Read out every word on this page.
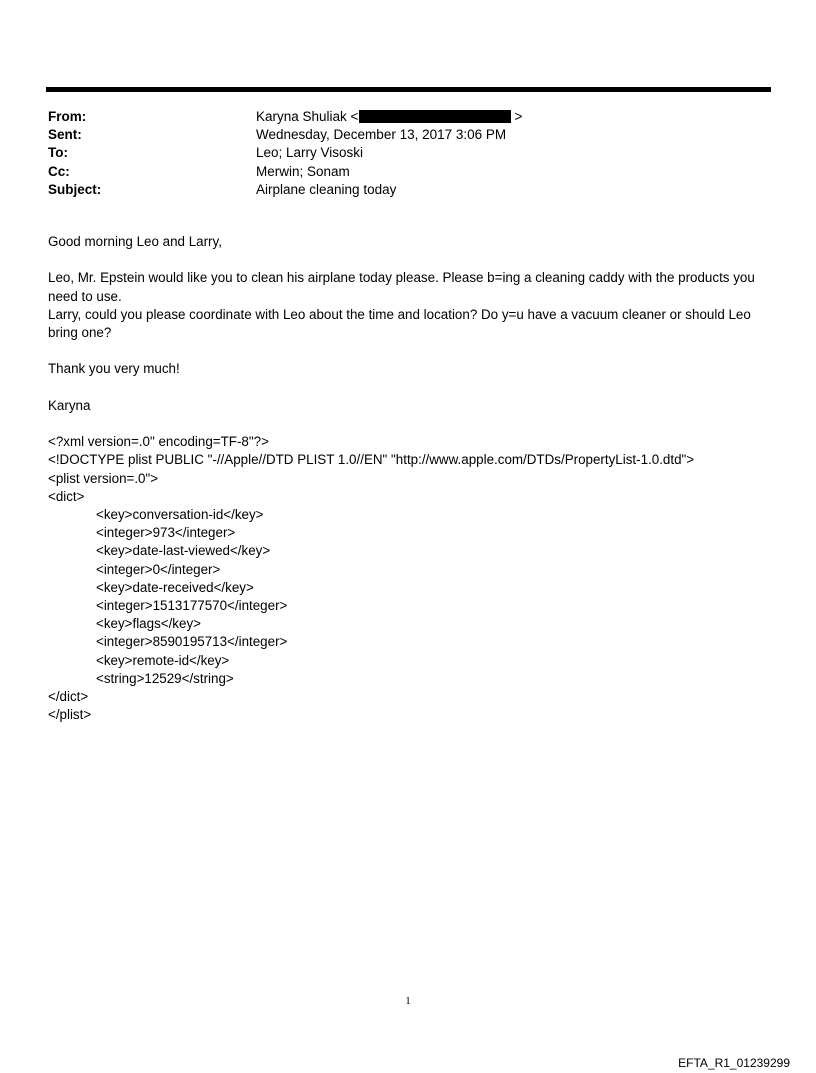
From:	Karyna Shuliak <	>
Sent:	Wednesday, December 13, 2017 3:06 PM
To:	Leo; Larry Visoski
Cc:	Merwin; Sonam
Subject:	Airplane cleaning today

Good morning Leo and Larry,

Leo, Mr. Epstein would like you to clean his airplane today please. Please b=ing a cleaning caddy with the products you

need to use.

Larry, could you please coordinate with Leo about the time and location? Do y=u have a vacuum cleaner or should Leo

bring one?

Thank you very much!

Karyna

<?xml version=.0" encoding=TF-8"?>

<!DOCTYPE plist PUBLIC "-//Apple//DTD PLIST 1.0//EN" "http://www.apple.com/DTDs/PropertyList-1.0.dtd">

<plist version=.0">

<dict>

<key>conversation-id</key>

<integer>973</integer>

<key>date-last-viewed</key>

<integer>0</integer>

<key>date-received</key>

<integer>1513177570</integer>

<key>flags</key>

<integer>8590195713</integer>

<key>remote-id</key>

<string>12529</string>

</dict>

</plist>

1
EFTA_R1_01239299
